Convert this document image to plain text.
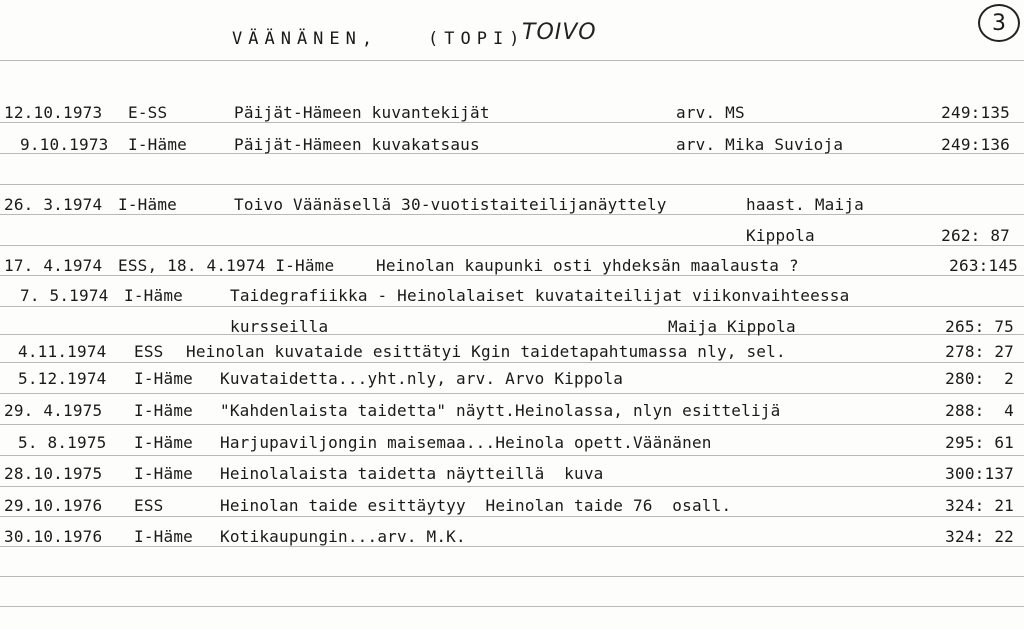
VÄÄNÄNEN,	(TOPI)
TOIVO	3
12.10.1973 E-SS	Päijät-Hämeen kuvantekijät	arv. MS	249:135
9.10.1973 I-Häme	Päijät-Hämeen kuvakatsaus	arv. Mika Suvioja	249:136
26. 3.1974 I-Häme	Toivo Väänäsellä 30-vuotistaiteilijanäyttely	haast. Maija
Kippola	262: 87
17. 4.1974 ESS, 18. 4.1974 I-Häme	Heinolan kaupunki osti yhdeksän maalausta ?	263:145
7. 5.1974 I-Häme	Taidegrafiikka - Heinolalaiset kuvataiteilijat viikonvaihteessa
kursseilla	Maija Kippola	265: 75
4.11.1974 ESS Heinolan kuvataide esittätyi Kgin taidetapahtumassa nly, sel.	278: 27
5.12.1974 I-Häme Kuvataidetta...yht.nly, arv. Arvo Kippola	280:  2
29. 4.1975 I-Häme "Kahdenlaista taidetta" näytt.Heinolassa, nlyn esittelijä	288:  4
5. 8.1975 I-Häme Harjupaviljongin maisemaa...Heinola opett.Väänänen	295: 61
28.10.1975 I-Häme Heinolalaista taidetta näytteillä  kuva	300:137
29.10.1976 ESS	Heinolan taide esittäytyy  Heinolan taide 76  osall.	324: 21
30.10.1976 I-Häme Kotikaupungin...arv. M.K.	324: 22
